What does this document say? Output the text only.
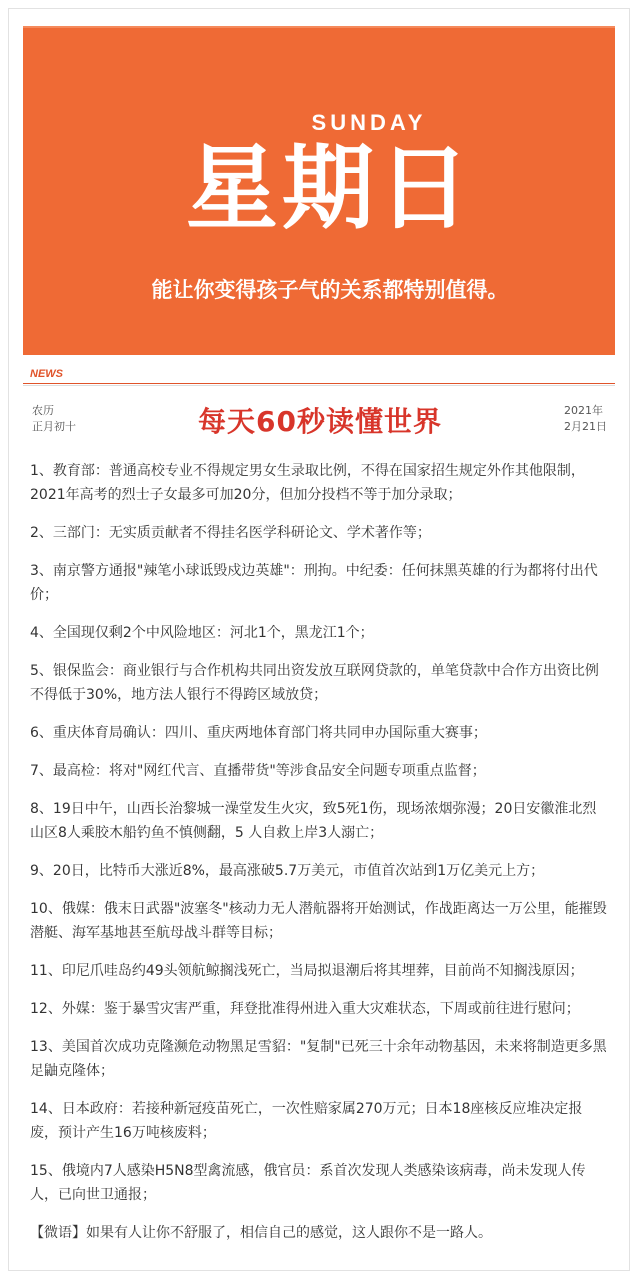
SUNDAY
星期日
能让你变得孩子气的关系都特别值得。
NEWS
农历
正月初十	每天60秒读懂世界	2021年
2月21日

1、教育部：普通高校专业不得规定男女生录取比例，不得在国家招生规定外作其他限制，2021年高考的烈士子女最多可加20分，但加分投档不等于加分录取；

2、三部门：无实质贡献者不得挂名医学科研论文、学术著作等；

3、南京警方通报"辣笔小球诋毁戍边英雄"：刑拘。中纪委：任何抹黑英雄的行为都将付出代价；

4、全国现仅剩2个中风险地区：河北1个，黑龙江1个；

5、银保监会：商业银行与合作机构共同出资发放互联网贷款的，单笔贷款中合作方出资比例不得低于30%，地方法人银行不得跨区域放贷；

6、重庆体育局确认：四川、重庆两地体育部门将共同申办国际重大赛事；

7、最高检：将对"网红代言、直播带货"等涉食品安全问题专项重点监督；

8、19日中午，山西长治黎城一澡堂发生火灾，致5死1伤，现场浓烟弥漫；20日安徽淮北烈山区8人乘胶木船钓鱼不慎侧翻，5 人自救上岸3人溺亡；

9、20日，比特币大涨近8%，最高涨破5.7万美元，市值首次站到1万亿美元上方；

10、俄媒：俄末日武器"波塞冬"核动力无人潜航器将开始测试，作战距离达一万公里，能摧毁潜艇、海军基地甚至航母战斗群等目标；

11、印尼爪哇岛约49头领航鲸搁浅死亡，当局拟退潮后将其埋葬，目前尚不知搁浅原因；

12、外媒：鉴于暴雪灾害严重，拜登批准得州进入重大灾难状态，下周或前往进行慰问；

13、美国首次成功克隆濒危动物黑足雪貂："复制"已死三十余年动物基因，未来将制造更多黑足鼬克隆体；

14、日本政府：若接种新冠疫苗死亡，一次性赔家属270万元；日本18座核反应堆决定报废，预计产生16万吨核废料；

15、俄境内7人感染H5N8型禽流感，俄官员：系首次发现人类感染该病毒，尚未发现人传人，已向世卫通报；

【微语】如果有人让你不舒服了，相信自己的感觉，这人跟你不是一路人。
